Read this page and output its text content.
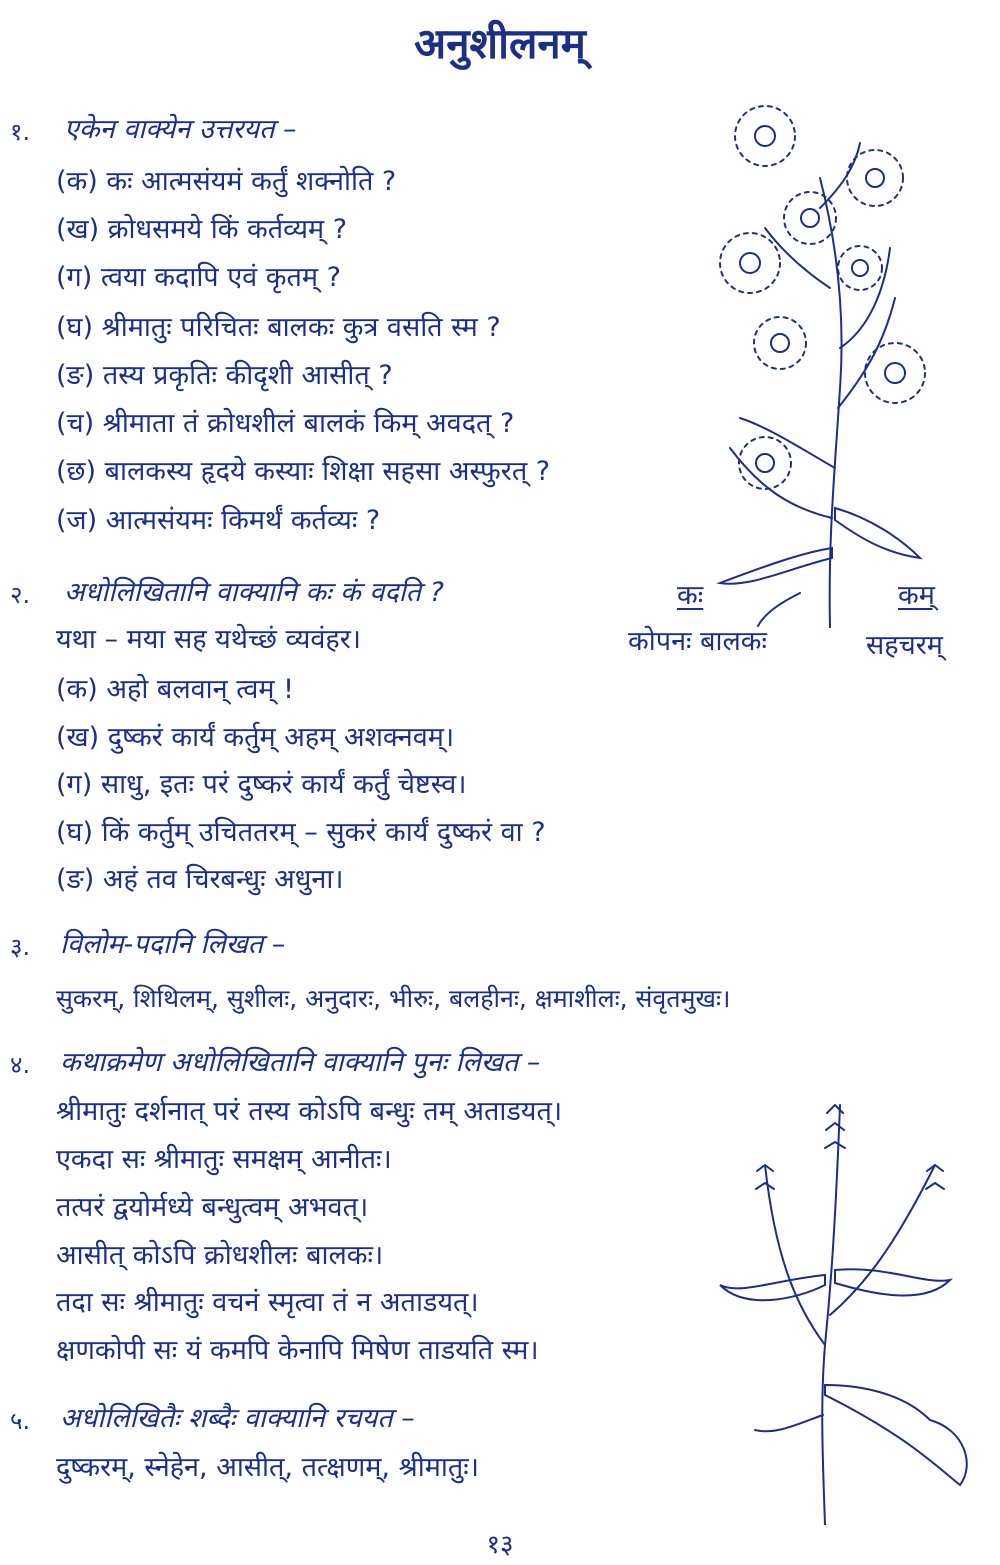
अनुशीलनम्
१. एकेन वाक्येन उत्तरयत –
(क) कः आत्मसंयमं कर्तुं शक्नोति ?
(ख) क्रोधसमये किं कर्तव्यम् ?
(ग) त्वया कदापि एवं कृतम् ?
(घ) श्रीमातुः परिचितः बालकः कुत्र वसति स्म ?
(ङ) तस्य प्रकृतिः कीदृशी आसीत् ?
(च) श्रीमाता तं क्रोधशीलं बालकं किम् अवदत् ?
(छ) बालकस्य हृदये कस्याः शिक्षा सहसा अस्फुरत् ?
(ज) आत्मसंयमः किमर्थं कर्तव्यः ?
२. अधोलिखितानि वाक्यानि कः कं वदति ?	कः	कम्
यथा – मया सह यथेच्छं व्यवंहर।	कोपनः बालकः	सहचरम्
(क) अहो बलवान् त्वम् !
(ख) दुष्करं कार्यं कर्तुम् अहम् अशक्नवम्।
(ग) साधु, इतः परं दुष्करं कार्यं कर्तुं चेष्टस्व।
(घ) किं कर्तुम् उचिततरम् – सुकरं कार्यं दुष्करं वा ?
(ङ) अहं तव चिरबन्धुः अधुना।
३. विलोम-पदानि लिखत –
सुकरम्, शिथिलम्, सुशीलः, अनुदारः, भीरुः, बलहीनः, क्षमाशीलः, संवृतमुखः।
४. कथाक्रमेण अधोलिखितानि वाक्यानि पुनः लिखत –
श्रीमातुः दर्शनात् परं तस्य कोऽपि बन्धुः तम् अताडयत्।
एकदा सः श्रीमातुः समक्षम् आनीतः।
तत्परं द्वयोर्मध्ये बन्धुत्वम् अभवत्।
आसीत् कोऽपि क्रोधशीलः बालकः।
तदा सः श्रीमातुः वचनं स्मृत्वा तं न अताडयत्।
क्षणकोपी सः यं कमपि केनापि मिषेण ताडयति स्म।
५. अधोलिखितैः शब्दैः वाक्यानि रचयत –
दुष्करम्, स्नेहेन, आसीत्, तत्क्षणम्, श्रीमातुः।
१३
